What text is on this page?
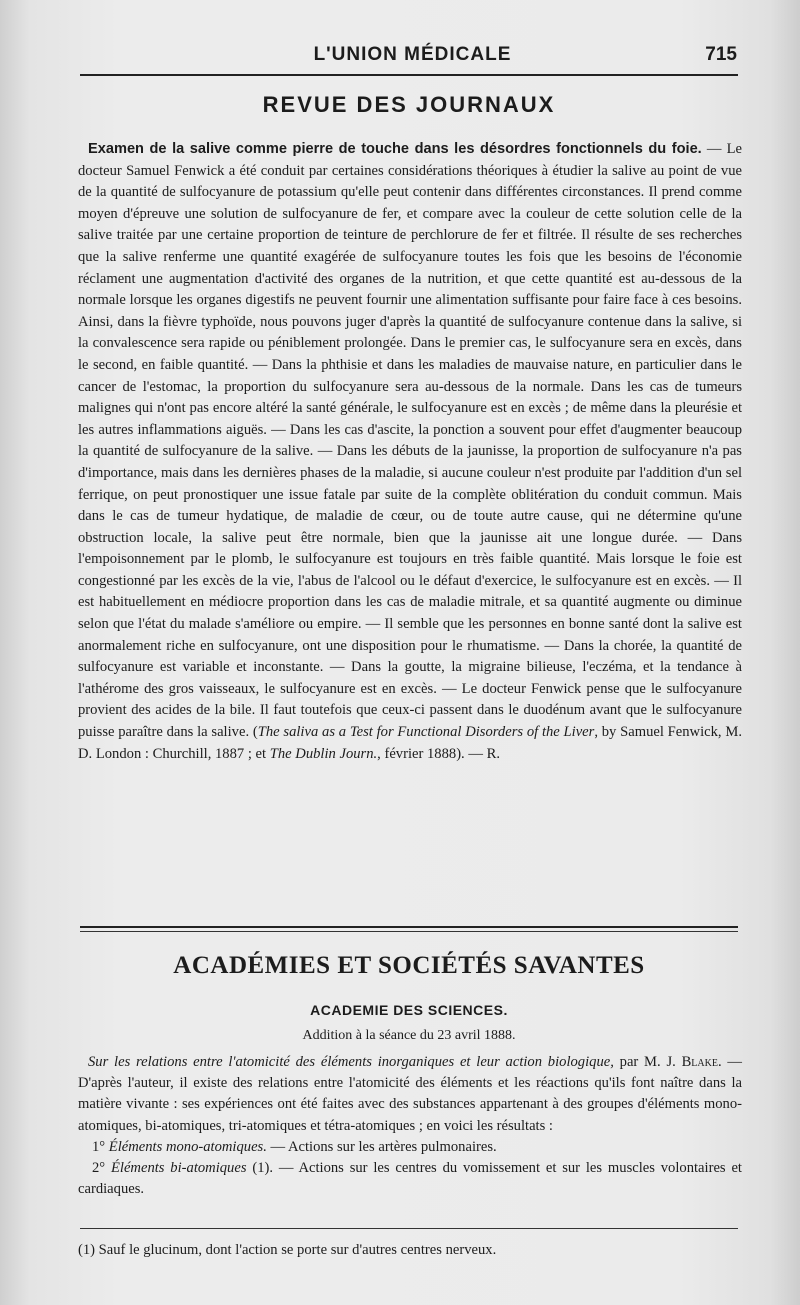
L'UNION MÉDICALE	715
REVUE DES JOURNAUX
Examen de la salive comme pierre de touche dans les désordres fonctionnels du foie. — Le docteur Samuel Fenwick a été conduit par certaines considérations théoriques à étudier la salive au point de vue de la quantité de sulfocyanure de potassium qu'elle peut contenir dans différentes circonstances. Il prend comme moyen d'épreuve une solution de sulfocyanure de fer, et compare avec la couleur de cette solution celle de la salive traitée par une certaine proportion de teinture de perchlorure de fer et filtrée. Il résulte de ses recherches que la salive renferme une quantité exagérée de sulfocyanure toutes les fois que les besoins de l'économie réclament une augmentation d'activité des organes de la nutrition, et que cette quantité est au-dessous de la normale lorsque les organes digestifs ne peuvent fournir une alimentation suffisante pour faire face à ces besoins. Ainsi, dans la fièvre typhoïde, nous pouvons juger d'après la quantité de sulfocyanure contenue dans la salive, si la convalescence sera rapide ou péniblement prolongée. Dans le premier cas, le sulfocyanure sera en excès, dans le second, en faible quantité. — Dans la phthisie et dans les maladies de mauvaise nature, en particulier dans le cancer de l'estomac, la proportion du sulfocyanure sera au-dessous de la normale. Dans les cas de tumeurs malignes qui n'ont pas encore altéré la santé générale, le sulfocyanure est en excès ; de même dans la pleurésie et les autres inflammations aiguës. — Dans les cas d'ascite, la ponction a souvent pour effet d'augmenter beaucoup la quantité de sulfocyanure de la salive. — Dans les débuts de la jaunisse, la proportion de sulfocyanure n'a pas d'importance, mais dans les dernières phases de la maladie, si aucune couleur n'est produite par l'addition d'un sel ferrique, on peut pronostiquer une issue fatale par suite de la complète oblitération du conduit commun. Mais dans le cas de tumeur hydatique, de maladie de cœur, ou de toute autre cause, qui ne détermine qu'une obstruction locale, la salive peut être normale, bien que la jaunisse ait une longue durée. — Dans l'empoisonnement par le plomb, le sulfocyanure est toujours en très faible quantité. Mais lorsque le foie est congestionné par les excès de la vie, l'abus de l'alcool ou le défaut d'exercice, le sulfocyanure est en excès. — Il est habituellement en médiocre proportion dans les cas de maladie mitrale, et sa quantité augmente ou diminue selon que l'état du malade s'améliore ou empire. — Il semble que les personnes en bonne santé dont la salive est anormalement riche en sulfocyanure, ont une disposition pour le rhumatisme. — Dans la chorée, la quantité de sulfocyanure est variable et inconstante. — Dans la goutte, la migraine bilieuse, l'eczéma, et la tendance à l'athérome des gros vaisseaux, le sulfocyanure est en excès. — Le docteur Fenwick pense que le sulfocyanure provient des acides de la bile. Il faut toutefois que ceux-ci passent dans le duodénum avant que le sulfocyanure puisse paraître dans la salive. (The saliva as a Test for Functional Disorders of the Liver, by Samuel Fenwick, M. D. London : Churchill, 1887 ; et The Dublin Journ., février 1888). — R.
ACADÉMIES ET SOCIÉTÉS SAVANTES
ACADEMIE DES SCIENCES.
Addition à la séance du 23 avril 1888.

Sur les relations entre l'atomicité des éléments inorganiques et leur action biologique, par M. J. Blake. — D'après l'auteur, il existe des relations entre l'atomicité des éléments et les réactions qu'ils font naître dans la matière vivante : ses expériences ont été faites avec des substances appartenant à des groupes d'éléments mono-atomiques, bi-atomiques, tri-atomiques et tétra-atomiques ; en voici les résultats :

1° Éléments mono-atomiques. — Actions sur les artères pulmonaires.

2° Éléments bi-atomiques (1). — Actions sur les centres du vomissement et sur les muscles volontaires et cardiaques.

(1) Sauf le glucinum, dont l'action se porte sur d'autres centres nerveux.
